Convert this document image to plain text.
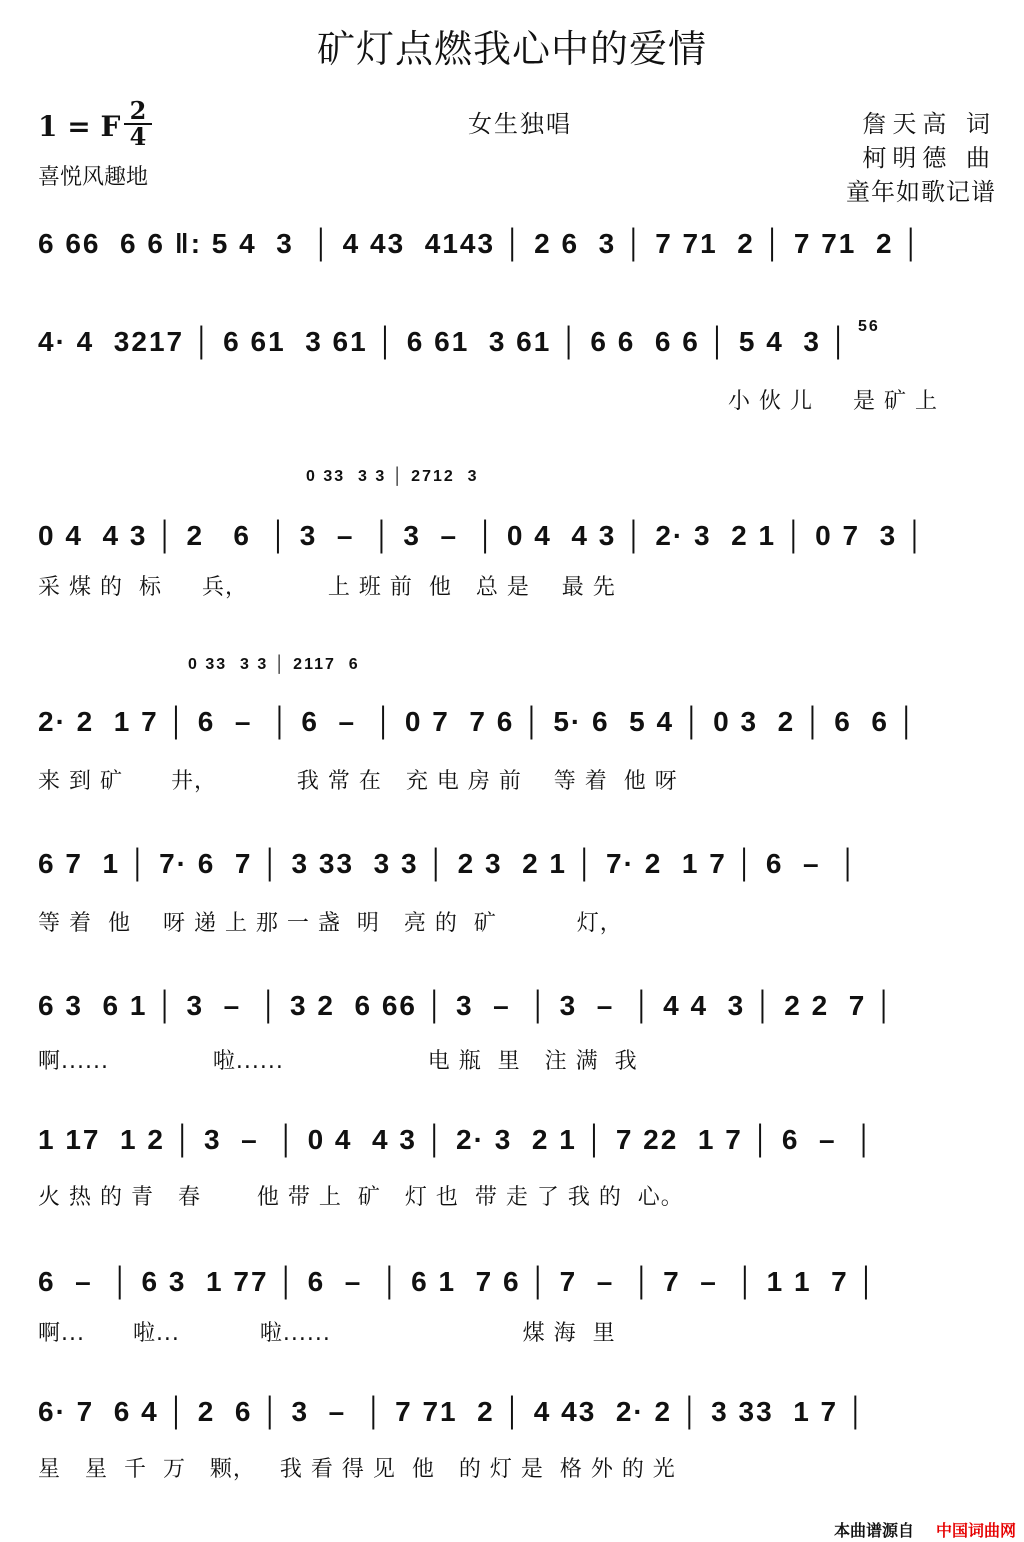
矿灯点燃我心中的爱情
1 = F 2
4
喜悦风趣地
女生独唱	詹天高 词
柯明德 曲
童年如歌记谱
6 66  6 6 ‖: 5 4  3  │ 4 43  4143 │ 2 6  3 │ 7 71  2 │ 7 71  2 │
4· 4  3217 │ 6 61  3 61 │ 6 61  3 61 │ 6 6  6 6 │ 5 4  3 │ 56
小 伙 儿     是 矿 上
0 4  4 3 │ 2   6  │ 3  –  │ 3  –  │ 0 4  4 3 │ 2· 3  2 1 │ 0 7  3 │
0 33  3 3 │ 2712  3
采 煤 的  标     兵，          上 班 前  他   总 是    最 先
2· 2  1 7 │ 6  –  │ 6  –  │ 0 7  7 6 │ 5· 6  5 4 │ 0 3  2 │ 6  6 │
0 33  3 3 │ 2117  6
来 到 矿      井，          我 常 在   充 电 房 前    等 着  他 呀
6 7  1 │ 7· 6  7 │ 3 33  3 3 │ 2 3  2 1 │ 7· 2  1 7 │ 6  –  │
等 着  他    呀 递 上 那 一 盏  明   亮 的  矿          灯，
6 3  6 1 │ 3  –  │ 3 2  6 66 │ 3  –  │ 3  –  │ 4 4  3 │ 2 2  7 │
啊......             啦......                  电 瓶  里   注 满  我
1 17  1 2 │ 3  –  │ 0 4  4 3 │ 2· 3  2 1 │ 7 22  1 7 │ 6  –  │
火 热 的 青   春       他 带 上  矿   灯 也  带 走 了 我 的  心。
6  –  │ 6 3  1 77 │ 6  –  │ 6 1  7 6 │ 7  –  │ 7  –  │ 1 1  7 │
啊...      啦...          啦......                        煤 海  里
6· 7  6 4 │ 2  6 │ 3  –  │ 7 71  2 │ 4 43  2· 2 │ 3 33  1 7 │
星   星  千  万   颗，   我 看 得 见  他   的 灯 是  格 外 的 光
本曲谱源自 中国词曲网
